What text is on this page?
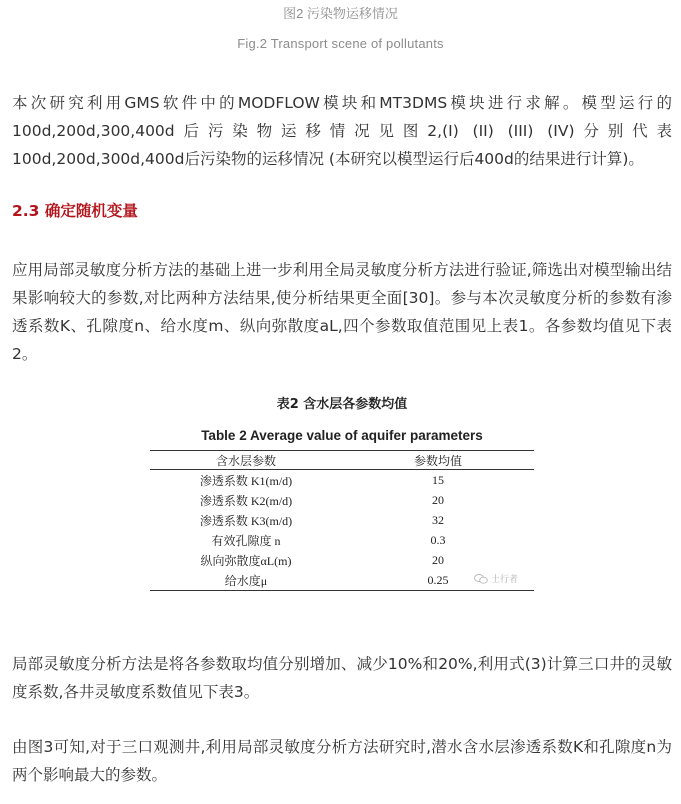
图2 污染物运移情况
Fig.2 Transport scene of pollutants

本次研究利用GMS软件中的MODFLOW模块和MT3DMS模块进行求解。模型运行的100d,200d,300,400d后污染物运移情况见图2,(I) (II) (III) (IV)分别代表100d,200d,300d,400d后污染物的运移情况 (本研究以模型运行后400d的结果进行计算)。

2.3 确定随机变量

应用局部灵敏度分析方法的基础上进一步利用全局灵敏度分析方法进行验证,筛选出对模型输出结果影响较大的参数,对比两种方法结果,使分析结果更全面[30]。参与本次灵敏度分析的参数有渗透系数K、孔隙度n、给水度m、纵向弥散度aL,四个参数取值范围见上表1。各参数均值见下表2。

表2 含水层各参数均值
Table 2 Average value of aquifer parameters
含水层参数	参数均值
渗透系数 K1(m/d)	15
渗透系数 K2(m/d)	20
渗透系数 K3(m/d)	32
有效孔隙度 n	0.3
纵向弥散度αL(m)	20
给水度μ	0.25	土行者

局部灵敏度分析方法是将各参数取均值分别增加、减少10%和20%,利用式(3)计算三口井的灵敏度系数,各井灵敏度系数值见下表3。

由图3可知,对于三口观测井,利用局部灵敏度分析方法研究时,潜水含水层渗透系数K和孔隙度n为两个影响最大的参数。
